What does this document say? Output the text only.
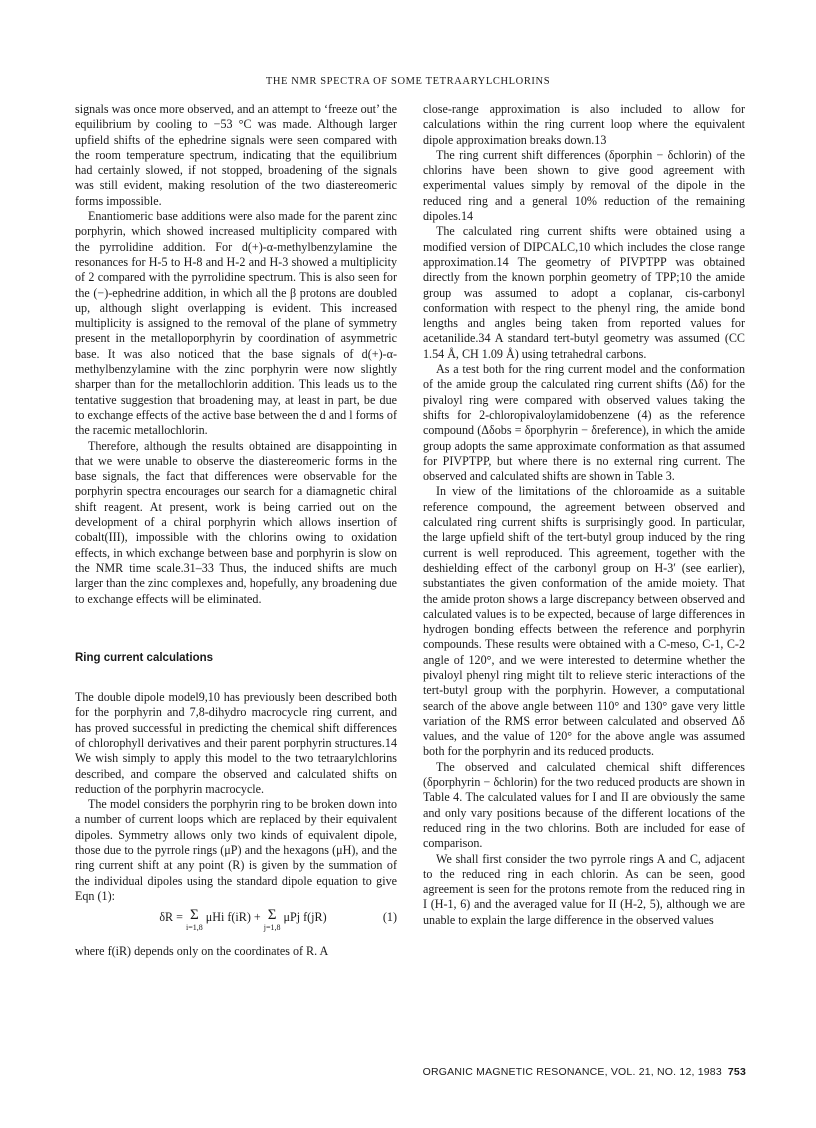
THE NMR SPECTRA OF SOME TETRAARYLCHLORINS

signals was once more observed, and an attempt to ‘freeze out’ the equilibrium by cooling to −53 °C was made. Although larger upfield shifts of the ephedrine signals were seen compared with the room temperature spectrum, indicating that the equilibrium had certainly slowed, if not stopped, broadening of the signals was still evident, making resolution of the two diastereomeric forms impossible.

Enantiomeric base additions were also made for the parent zinc porphyrin, which showed increased multiplicity compared with the pyrrolidine addition. For d(+)-α-methylbenzylamine the resonances for H-5 to H-8 and H-2 and H-3 showed a multiplicity of 2 compared with the pyrrolidine spectrum. This is also seen for the (−)-ephedrine addition, in which all the β protons are doubled up, although slight overlapping is evident. This increased multiplicity is assigned to the removal of the plane of symmetry present in the metalloporphyrin by coordination of asymmetric base. It was also noticed that the base signals of d(+)-α-methylbenzylamine with the zinc porphyrin were now slightly sharper than for the metallochlorin addition. This leads us to the tentative suggestion that broadening may, at least in part, be due to exchange effects of the active base between the d and l forms of the racemic metallochlorin.

Therefore, although the results obtained are disappointing in that we were unable to observe the diastereomeric forms in the base signals, the fact that differences were observable for the porphyrin spectra encourages our search for a diamagnetic chiral shift reagent. At present, work is being carried out on the development of a chiral porphyrin which allows insertion of cobalt(III), impossible with the chlorins owing to oxidation effects, in which exchange between base and porphyrin is slow on the NMR time scale.31–33 Thus, the induced shifts are much larger than the zinc complexes and, hopefully, any broadening due to exchange effects will be eliminated.

Ring current calculations

The double dipole model9,10 has previously been described both for the porphyrin and 7,8-dihydro macrocycle ring current, and has proved successful in predicting the chemical shift differences of chlorophyll derivatives and their parent porphyrin structures.14 We wish simply to apply this model to the two tetraarylchlorins described, and compare the observed and calculated shifts on reduction of the porphyrin macrocycle.

The model considers the porphyrin ring to be broken down into a number of current loops which are replaced by their equivalent dipoles. Symmetry allows only two kinds of equivalent dipole, those due to the pyrrole rings (μP) and the hexagons (μH), and the ring current shift at any point (R) is given by the summation of the individual dipoles using the standard dipole equation to give Eqn (1):

δR = Σ
i=1,8
μHi f(iR) + Σ
j=1,8
μPj f(jR)	(1)

where f(iR) depends only on the coordinates of R. A

close-range approximation is also included to allow for calculations within the ring current loop where the equivalent dipole approximation breaks down.13

The ring current shift differences (δporphin − δchlorin) of the chlorins have been shown to give good agreement with experimental values simply by removal of the dipole in the reduced ring and a general 10% reduction of the remaining dipoles.14

The calculated ring current shifts were obtained using a modified version of DIPCALC,10 which includes the close range approximation.14 The geometry of PIVPTPP was obtained directly from the known porphin geometry of TPP;10 the amide group was assumed to adopt a coplanar, cis-carbonyl conformation with respect to the phenyl ring, the amide bond lengths and angles being taken from reported values for acetanilide.34 A standard tert-butyl geometry was assumed (CC 1.54 Å, CH 1.09 Å) using tetrahedral carbons.

As a test both for the ring current model and the conformation of the amide group the calculated ring current shifts (Δδ) for the pivaloyl ring were compared with observed values taking the shifts for 2-chloropivaloylamidobenzene (4) as the reference compound (Δδobs = δporphyrin − δreference), in which the amide group adopts the same approximate conformation as that assumed for PIVPTPP, but where there is no external ring current. The observed and calculated shifts are shown in Table 3.

In view of the limitations of the chloroamide as a suitable reference compound, the agreement between observed and calculated ring current shifts is surprisingly good. In particular, the large upfield shift of the tert-butyl group induced by the ring current is well reproduced. This agreement, together with the deshielding effect of the carbonyl group on H-3′ (see earlier), substantiates the given conformation of the amide moiety. That the amide proton shows a large discrepancy between observed and calculated values is to be expected, because of large differences in hydrogen bonding effects between the reference and porphyrin compounds. These results were obtained with a C-meso, C-1, C-2 angle of 120°, and we were interested to determine whether the pivaloyl phenyl ring might tilt to relieve steric interactions of the tert-butyl group with the porphyrin. However, a computational search of the above angle between 110° and 130° gave very little variation of the RMS error between calculated and observed Δδ values, and the value of 120° for the above angle was assumed both for the porphyrin and its reduced products.

The observed and calculated chemical shift differences (δporphyrin − δchlorin) for the two reduced products are shown in Table 4. The calculated values for I and II are obviously the same and only vary positions because of the different locations of the reduced ring in the two chlorins. Both are included for ease of comparison.

We shall first consider the two pyrrole rings A and C, adjacent to the reduced ring in each chlorin. As can be seen, good agreement is seen for the protons remote from the reduced ring in I (H-1, 6) and the averaged value for II (H-2, 5), although we are unable to explain the large difference in the observed values

ORGANIC MAGNETIC RESONANCE, VOL. 21, NO. 12, 1983 753
